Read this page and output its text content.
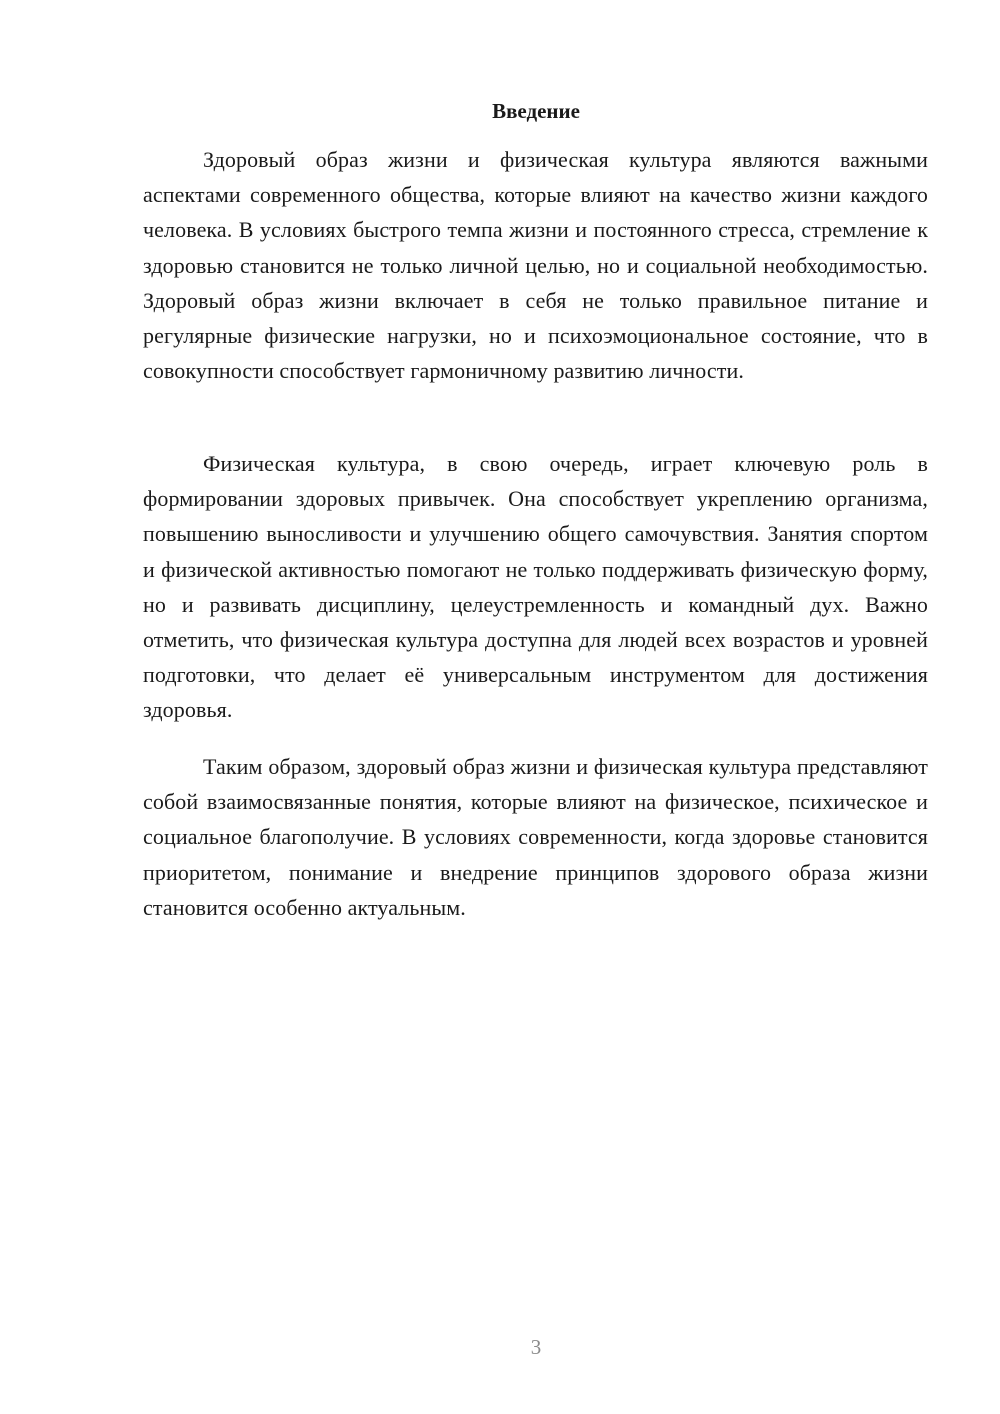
Введение

Здоровый образ жизни и физическая культура являются важными аспектами современного общества, которые влияют на качество жизни каждого человека. В условиях быстрого темпа жизни и постоянного стресса, стремление к здоровью становится не только личной целью, но и социальной необходимостью. Здоровый образ жизни включает в себя не только правильное питание и регулярные физические нагрузки, но и психоэмоциональное состояние, что в совокупности способствует гармоничному развитию личности.

Физическая культура, в свою очередь, играет ключевую роль в формировании здоровых привычек. Она способствует укреплению организма, повышению выносливости и улучшению общего самочувствия. Занятия спортом и физической активностью помогают не только поддерживать физическую форму, но и развивать дисциплину, целеустремленность и командный дух. Важно отметить, что физическая культура доступна для людей всех возрастов и уровней подготовки, что делает её универсальным инструментом для достижения здоровья.

Таким образом, здоровый образ жизни и физическая культура представляют собой взаимосвязанные понятия, которые влияют на физическое, психическое и социальное благополучие. В условиях современности, когда здоровье становится приоритетом, понимание и внедрение принципов здорового образа жизни становится особенно актуальным.

3
